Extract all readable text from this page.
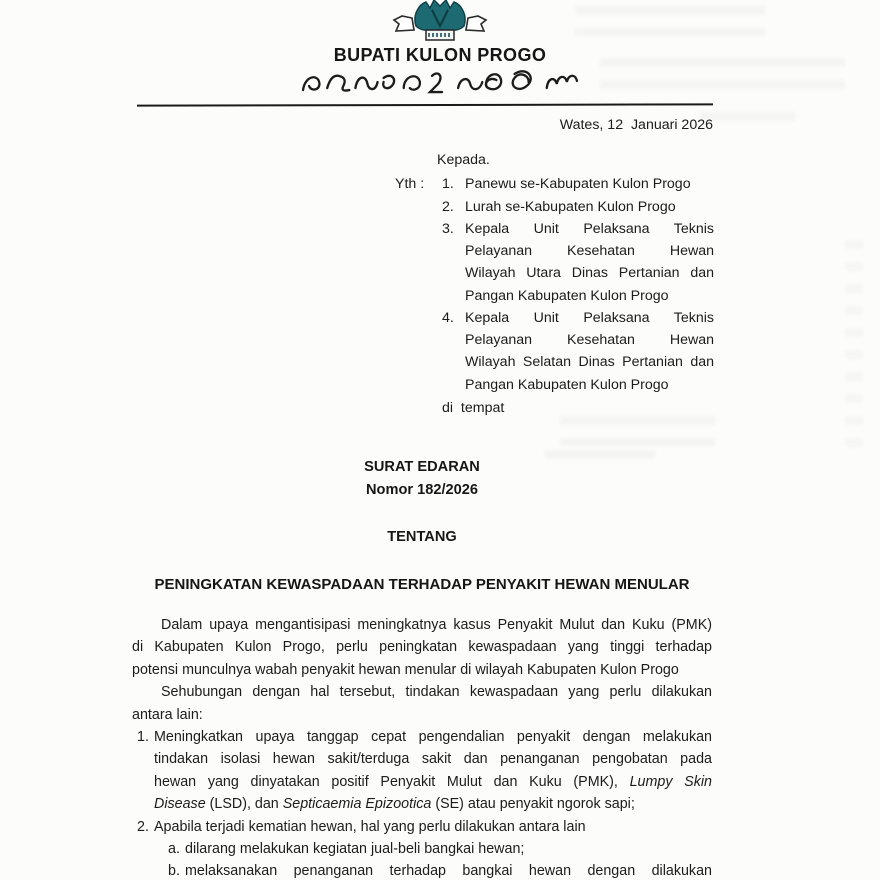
BUPATI KULON PROGO
Wates, 12  Januari 2026
Kepada.
Yth :	1. Panewu se-Kabupaten Kulon Progo
2. Lurah se-Kabupaten Kulon Progo
3. Kepala Unit Pelaksana Teknis
Pelayanan Kesehatan Hewan
Wilayah Utara Dinas Pertanian dan
Pangan Kabupaten Kulon Progo
4. Kepala Unit Pelaksana Teknis
Pelayanan Kesehatan Hewan
Wilayah Selatan Dinas Pertanian dan
Pangan Kabupaten Kulon Progo
di  tempat
SURAT EDARAN
Nomor 182/2026
TENTANG
PENINGKATAN KEWASPADAAN TERHADAP PENYAKIT HEWAN MENULAR
Dalam upaya mengantisipasi meningkatnya kasus Penyakit Mulut dan Kuku (PMK)
di Kabupaten Kulon Progo, perlu peningkatan kewaspadaan yang tinggi terhadap
potensi munculnya wabah penyakit hewan menular di wilayah Kabupaten Kulon Progo
Sehubungan dengan hal tersebut, tindakan kewaspadaan yang perlu dilakukan
antara lain:
1. Meningkatkan upaya tanggap cepat pengendalian penyakit dengan melakukan
tindakan isolasi hewan sakit/terduga sakit dan penanganan pengobatan pada
hewan yang dinyatakan positif Penyakit Mulut dan Kuku (PMK), Lumpy Skin
Disease (LSD), dan Septicaemia Epizootica (SE) atau penyakit ngorok sapi;
2. Apabila terjadi kematian hewan, hal yang perlu dilakukan antara lain
a. dilarang melakukan kegiatan jual-beli bangkai hewan;
b. melaksanakan penanganan terhadap bangkai hewan dengan dilakukan
